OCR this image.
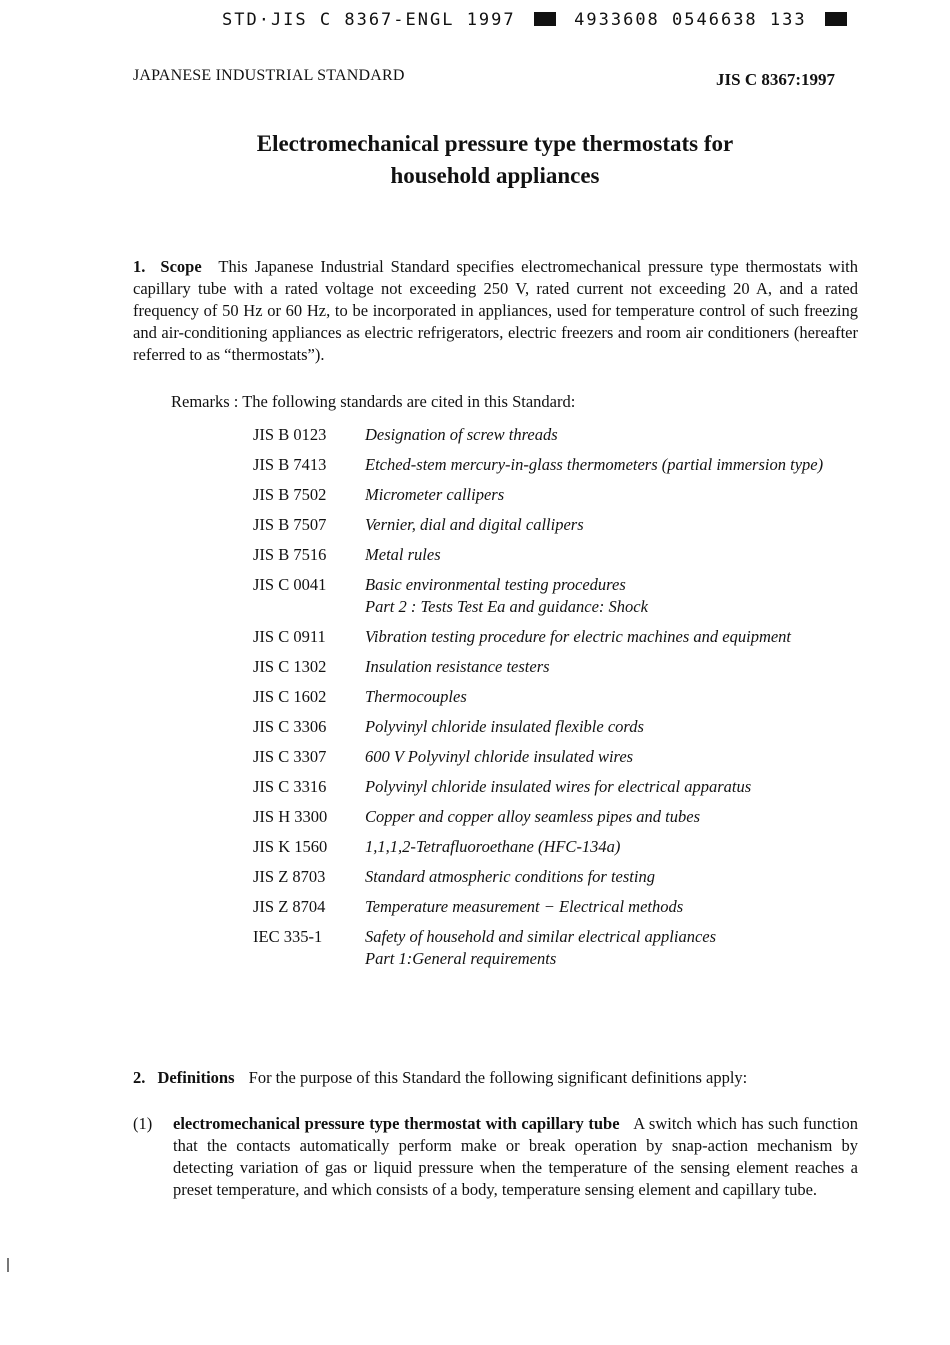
STD·JIS C 8367-ENGL 1997	4933608 0546638 133
JAPANESE INDUSTRIAL STANDARD	JIS C 8367:1997
Electromechanical pressure type thermostats for
household appliances
1. Scope This Japanese Industrial Standard specifies electromechanical pressure type thermostats with capillary tube with a rated voltage not exceeding 250 V, rated current not exceeding 20 A, and a rated frequency of 50 Hz or 60 Hz, to be incorporated in appliances, used for temperature control of such freezing and air-conditioning appliances as electric refrigerators, electric freezers and room air conditioners (hereafter referred to as “thermostats”).
Remarks : The following standards are cited in this Standard:
JIS B 0123	Designation of screw threads
JIS B 7413	Etched-stem mercury-in-glass thermometers (partial immersion type)
JIS B 7502	Micrometer callipers
JIS B 7507	Vernier, dial and digital callipers
JIS B 7516	Metal rules
JIS C 0041	Basic environmental testing procedures
Part 2 : Tests Test Ea and guidance: Shock
JIS C 0911	Vibration testing procedure for electric machines and equipment
JIS C 1302	Insulation resistance testers
JIS C 1602	Thermocouples
JIS C 3306	Polyvinyl chloride insulated flexible cords
JIS C 3307	600 V Polyvinyl chloride insulated wires
JIS C 3316	Polyvinyl chloride insulated wires for electrical apparatus
JIS H 3300	Copper and copper alloy seamless pipes and tubes
JIS K 1560	1,1,1,2-Tetrafluoroethane (HFC-134a)
JIS Z 8703	Standard atmospheric conditions for testing
JIS Z 8704	Temperature measurement − Electrical methods
IEC 335-1	Safety of household and similar electrical appliances
Part 1:General requirements
2. Definitions For the purpose of this Standard the following significant definitions apply:
(1) electromechanical pressure type thermostat with capillary tube A switch which has such function that the contacts automatically perform make or break operation by snap-action mechanism by detecting variation of gas or liquid pressure when the temperature of the sensing element reaches a preset temperature, and which consists of a body, temperature sensing element and capillary tube.
